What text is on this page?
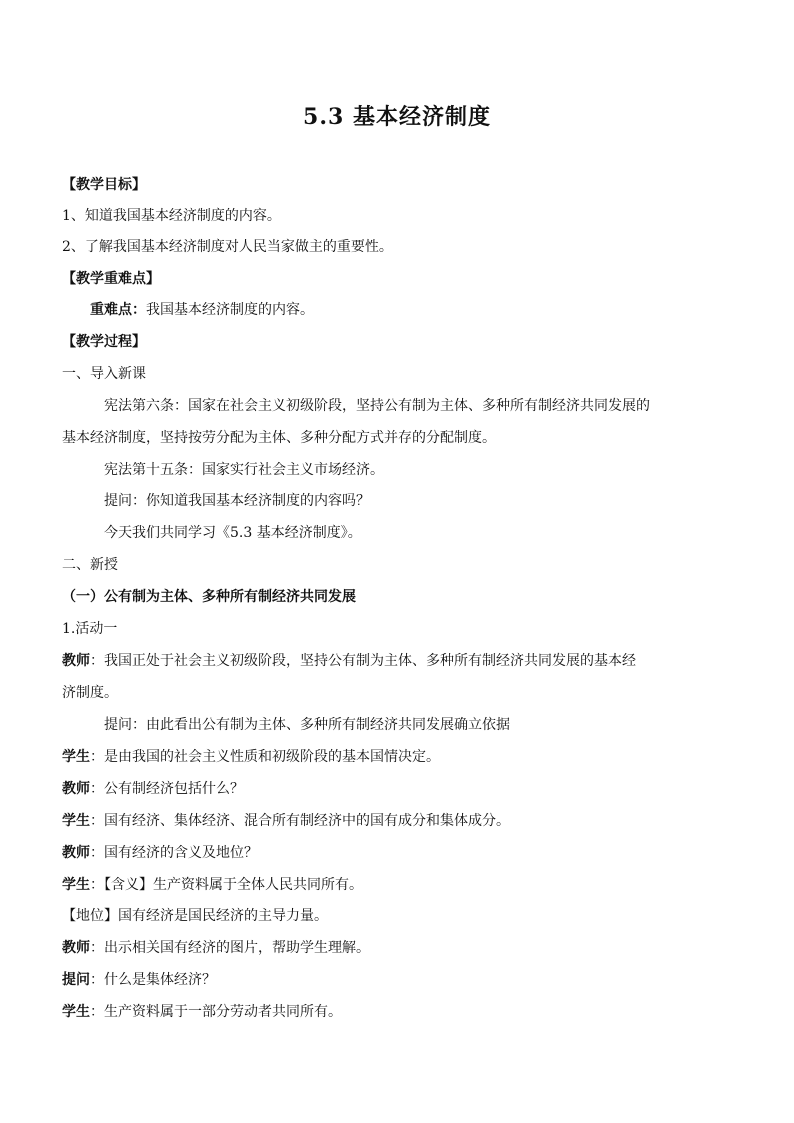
5.3 基本经济制度
【教学目标】
1、知道我国基本经济制度的内容。
2、了解我国基本经济制度对人民当家做主的重要性。
【教学重难点】
重难点：我国基本经济制度的内容。
【教学过程】
一、导入新课
宪法第六条：国家在社会主义初级阶段，坚持公有制为主体、多种所有制经济共同发展的
基本经济制度，坚持按劳分配为主体、多种分配方式并存的分配制度。
宪法第十五条：国家实行社会主义市场经济。
提问：你知道我国基本经济制度的内容吗？
今天我们共同学习《5.3 基本经济制度》。
二、新授
（一）公有制为主体、多种所有制经济共同发展
1.活动一
教师：我国正处于社会主义初级阶段，坚持公有制为主体、多种所有制经济共同发展的基本经
济制度。
提问：由此看出公有制为主体、多种所有制经济共同发展确立依据
学生：是由我国的社会主义性质和初级阶段的基本国情决定。
教师：公有制经济包括什么？
学生：国有经济、集体经济、混合所有制经济中的国有成分和集体成分。
教师：国有经济的含义及地位？
学生：【含义】生产资料属于全体人民共同所有。
【地位】国有经济是国民经济的主导力量。
教师：出示相关国有经济的图片，帮助学生理解。
提问：什么是集体经济？
学生：生产资料属于一部分劳动者共同所有。
